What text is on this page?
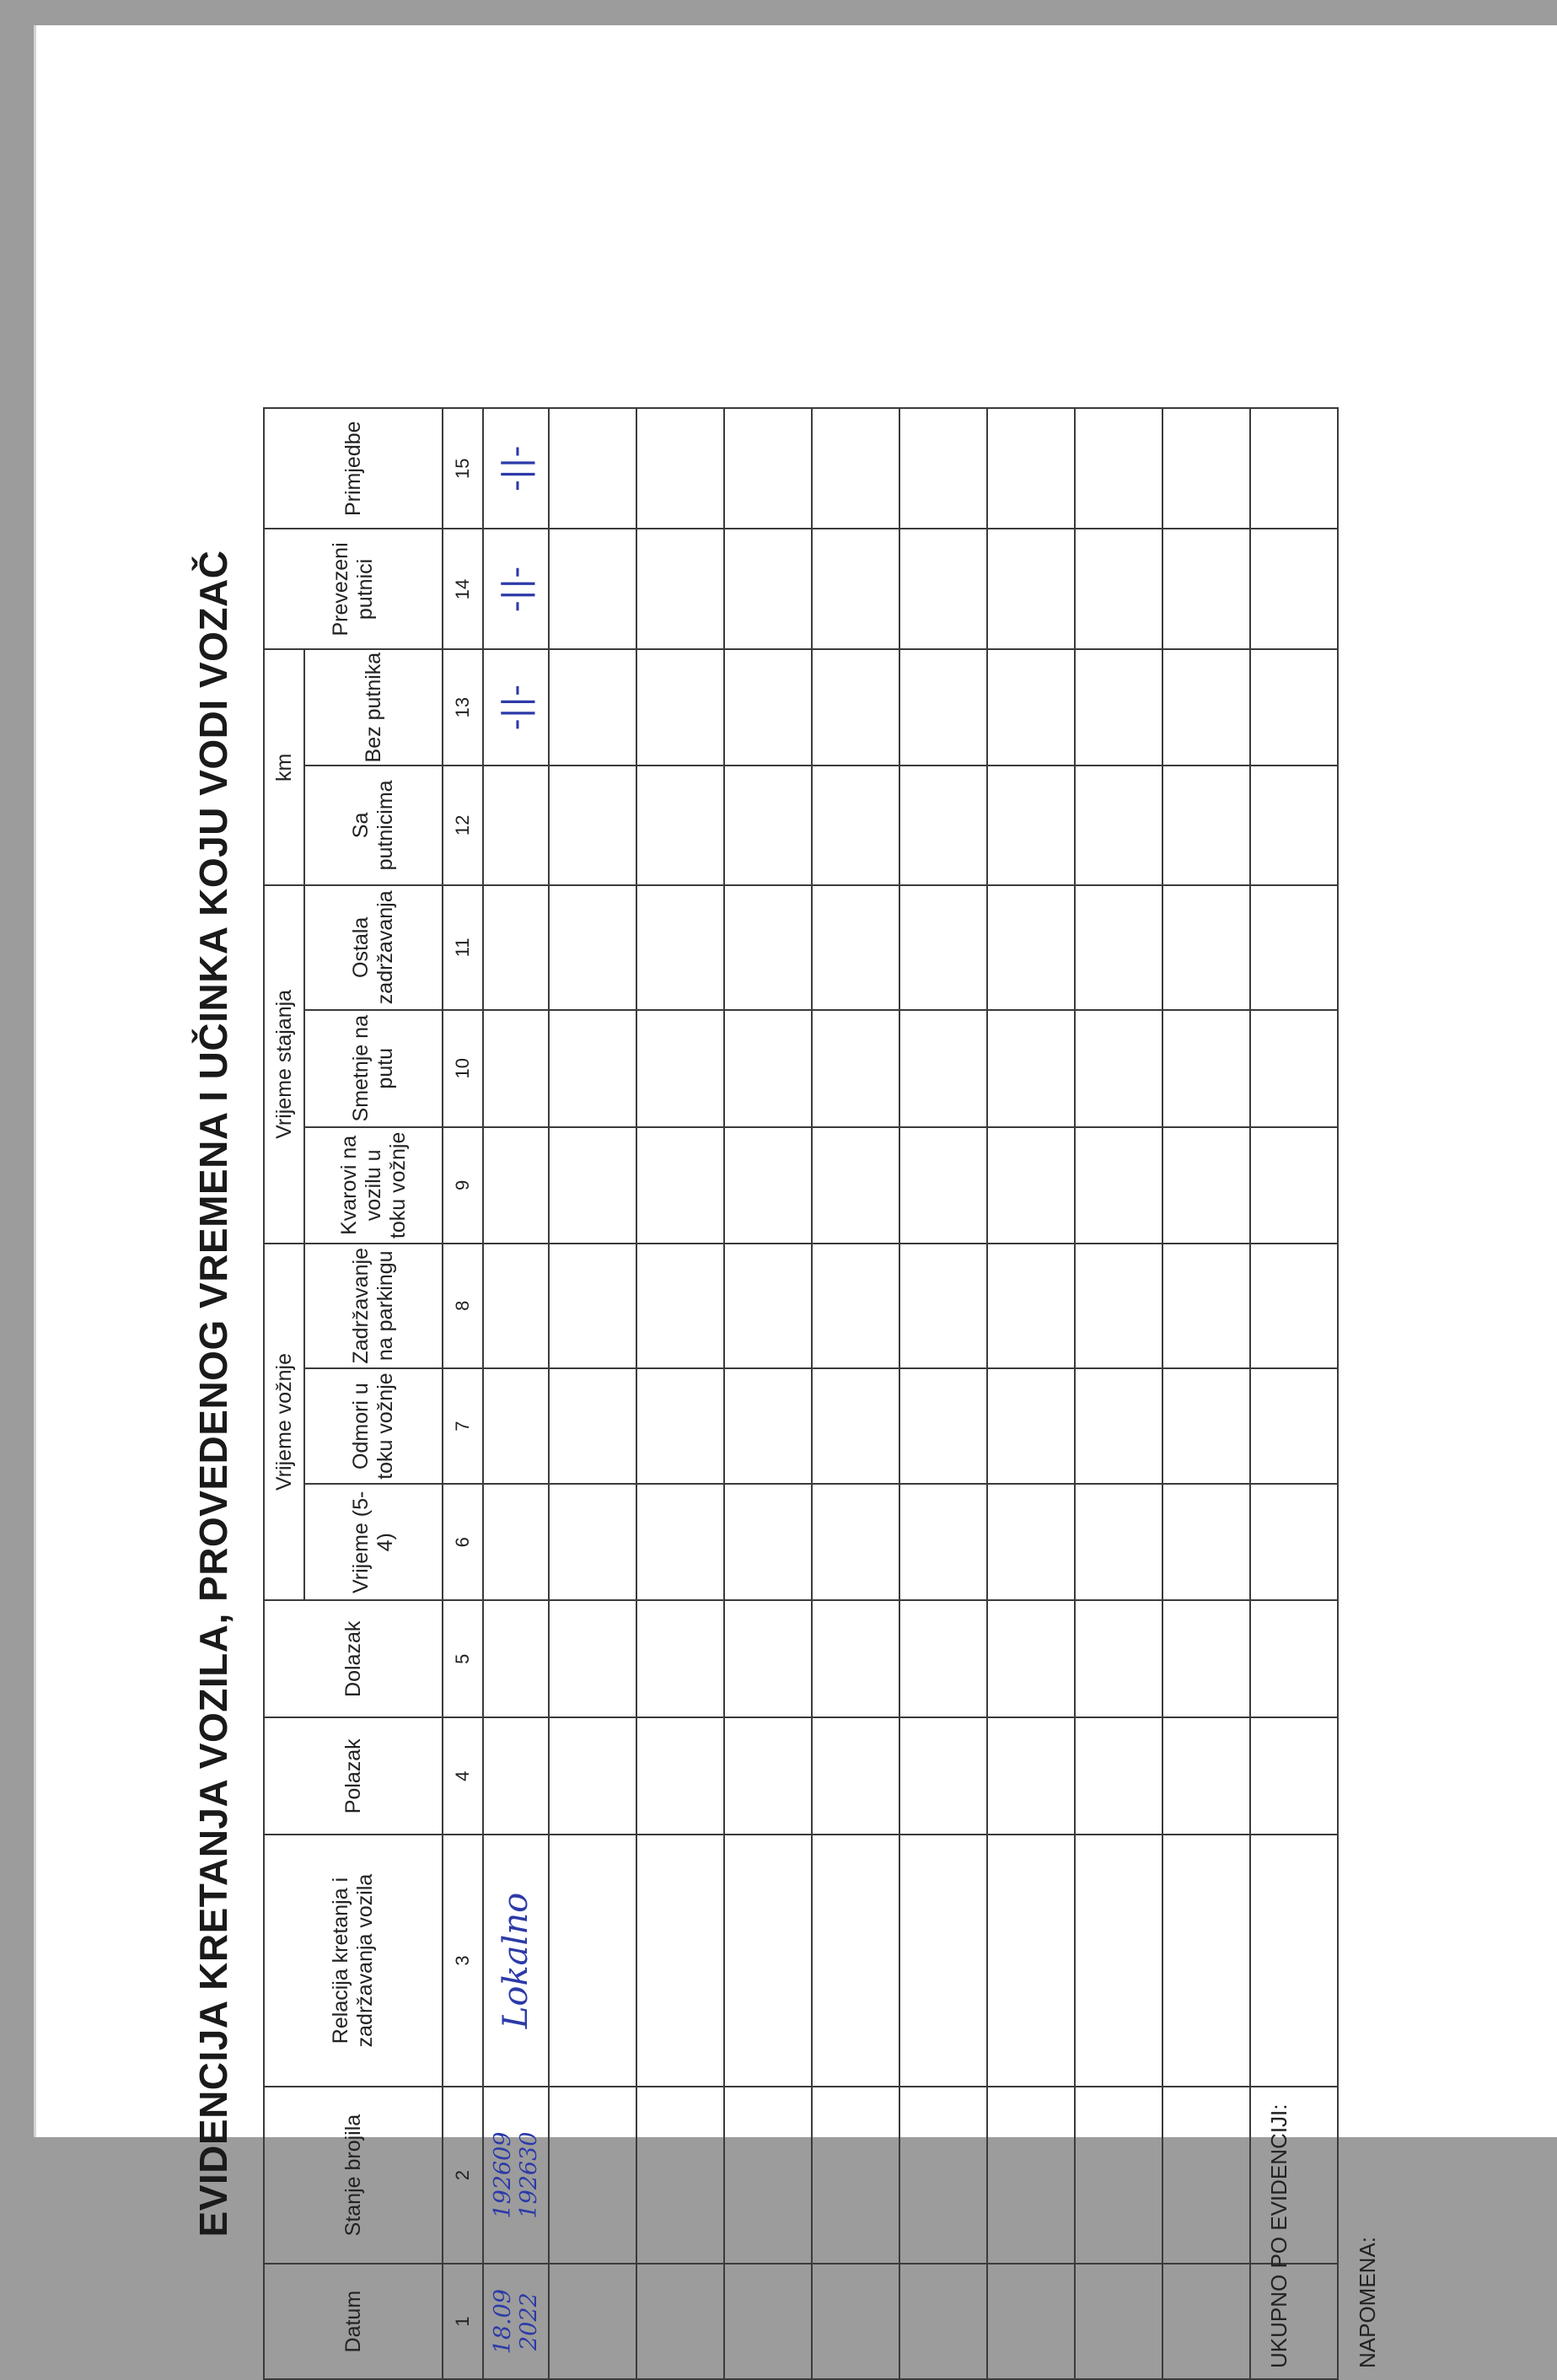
EVIDENCIJA KRETANJA VOZILA, PROVEDENOG VREMENA I UČINKA KOJU VODI VOZAČ
Datum	Stanje brojila	Relacija kretanja i zadržavanja vozila	Polazak	Dolazak	Vrijeme vožnje			Vrijeme stajanja			km		Prevezeni putnici	Primjedbe
					Vrijeme (5-4)	Odmori u toku vožnje	Zadržavanje na parkingu	Kvarovi na vozilu u toku vožnje	Smetnje na putu	Ostala zadržavanja	Sa putnicima	Bez putnika		
1	2	3	4	5	6	7	8	9	10	11	12	13	14	15
18.09 2022	192609 192630	Lokalno										-||-	-||-	-||-

UKUPNO PO EVIDENCIJI:	NAPOMENA:
